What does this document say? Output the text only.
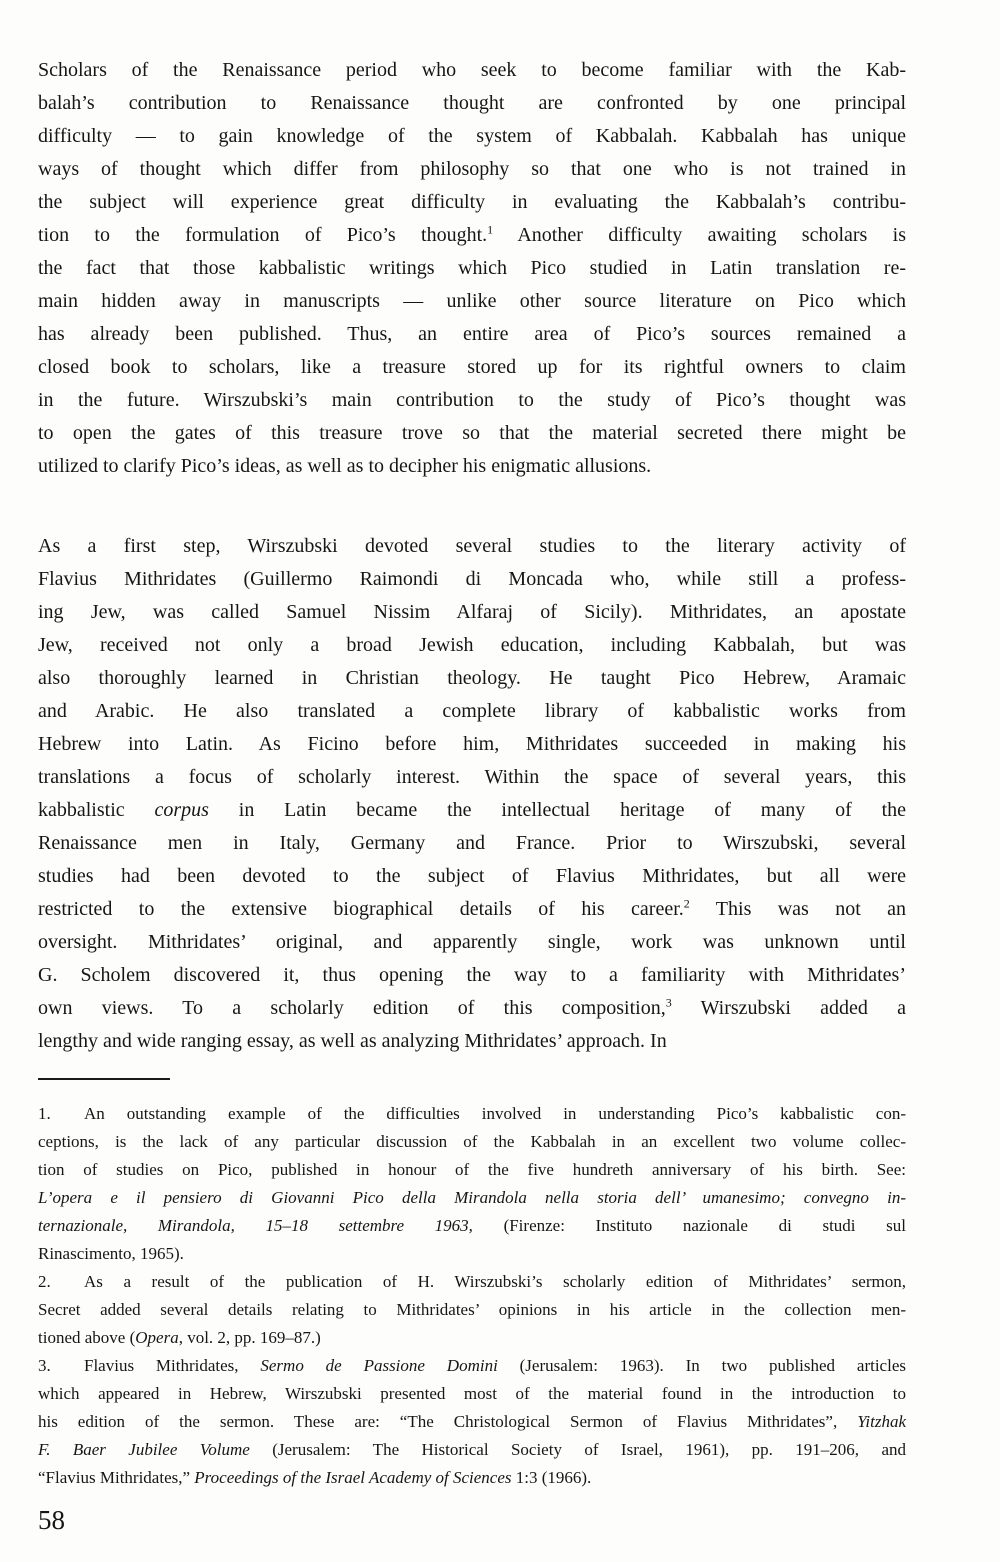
Scholars of the Renaissance period who seek to become familiar with the Kab-
balah’s contribution to Renaissance thought are confronted by one principal
difficulty — to gain knowledge of the system of Kabbalah. Kabbalah has unique
ways of thought which differ from philosophy so that one who is not trained in
the subject will experience great difficulty in evaluating the Kabbalah’s contribu-
tion to the formulation of Pico’s thought.$^1$ Another difficulty awaiting scholars is
the fact that those kabbalistic writings which Pico studied in Latin translation re-
main hidden away in manuscripts — unlike other source literature on Pico which
has already been published. Thus, an entire area of Pico’s sources remained a
closed book to scholars, like a treasure stored up for its rightful owners to claim
in the future. Wirszubski’s main contribution to the study of Pico’s thought was
to open the gates of this treasure trove so that the material secreted there might be
utilized to clarify Pico’s ideas, as well as to decipher his enigmatic allusions.
As a first step, Wirszubski devoted several studies to the literary activity of
Flavius Mithridates (Guillermo Raimondi di Moncada who, while still a profess-
ing Jew, was called Samuel Nissim Alfaraj of Sicily). Mithridates, an apostate
Jew, received not only a broad Jewish education, including Kabbalah, but was
also thoroughly learned in Christian theology. He taught Pico Hebrew, Aramaic
and Arabic. He also translated a complete library of kabbalistic works from
Hebrew into Latin. As Ficino before him, Mithridates succeeded in making his
translations a focus of scholarly interest. Within the space of several years, this
kabbalistic corpus in Latin became the intellectual heritage of many of the
Renaissance men in Italy, Germany and France. Prior to Wirszubski, several
studies had been devoted to the subject of Flavius Mithridates, but all were
restricted to the extensive biographical details of his career.$^2$ This was not an
oversight. Mithridates’ original, and apparently single, work was unknown until
G. Scholem discovered it, thus opening the way to a familiarity with Mithridates’
own views. To a scholarly edition of this composition,$^3$ Wirszubski added a
lengthy and wide ranging essay, as well as analyzing Mithridates’ approach. In
1. An outstanding example of the difficulties involved in understanding Pico’s kabbalistic con-
ceptions, is the lack of any particular discussion of the Kabbalah in an excellent two volume collec-
tion of studies on Pico, published in honour of the five hundreth anniversary of his birth. See:
L’opera e il pensiero di Giovanni Pico della Mirandola nella storia dell’ umanesimo; convegno in-
ternazionale, Mirandola, 15–18 settembre 1963, (Firenze: Instituto nazionale di studi sul
Rinascimento, 1965).
2. As a result of the publication of H. Wirszubski’s scholarly edition of Mithridates’ sermon,
Secret added several details relating to Mithridates’ opinions in his article in the collection men-
tioned above (Opera, vol. 2, pp. 169–87.)
3. Flavius Mithridates, Sermo de Passione Domini (Jerusalem: 1963). In two published articles
which appeared in Hebrew, Wirszubski presented most of the material found in the introduction to
his edition of the sermon. These are: “The Christological Sermon of Flavius Mithridates”, Yitzhak
F. Baer Jubilee Volume (Jerusalem: The Historical Society of Israel, 1961), pp. 191–206, and
“Flavius Mithridates,” Proceedings of the Israel Academy of Sciences 1:3 (1966).
58
